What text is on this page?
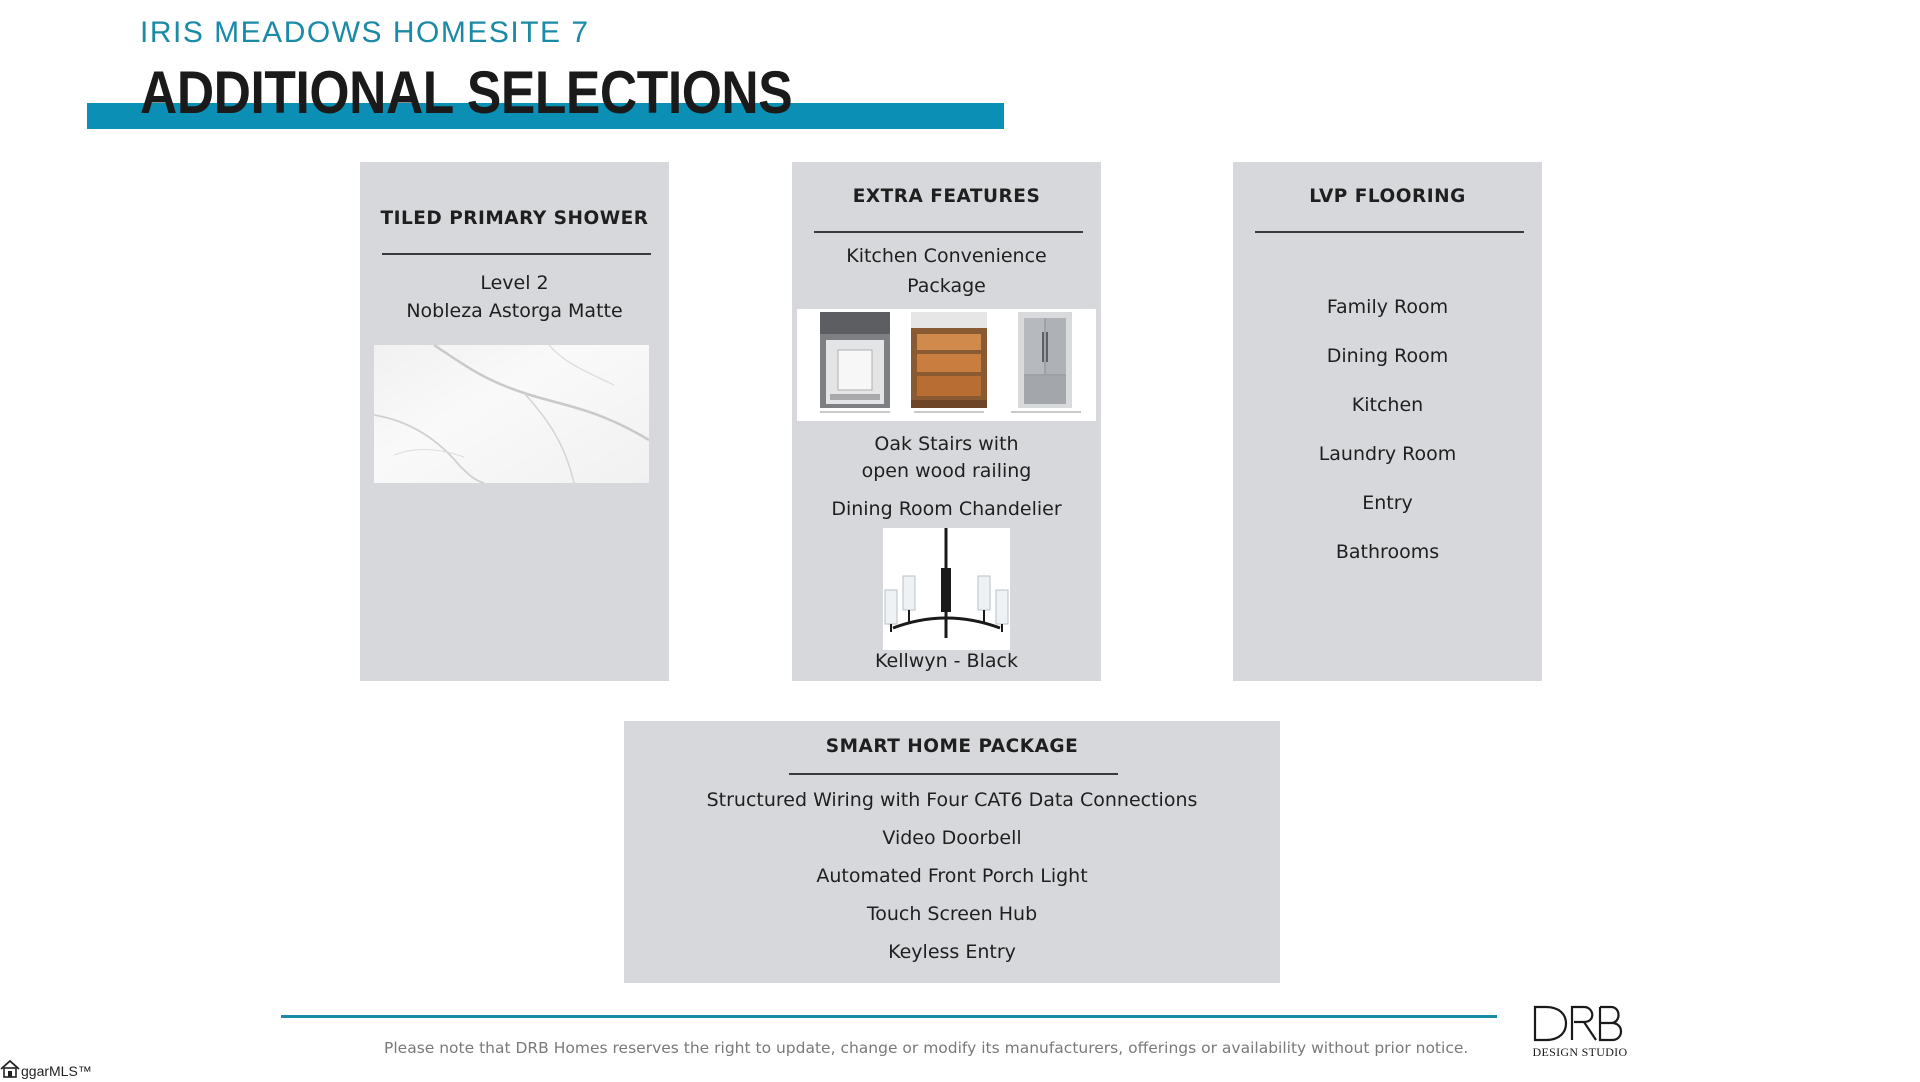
IRIS MEADOWS HOMESITE 7
ADDITIONAL SELECTIONS
TILED PRIMARY SHOWER
Level 2
Nobleza Astorga Matte
EXTRA FEATURES
Kitchen Convenience
Package
Oak Stairs with
open wood railing
Dining Room Chandelier
Kellwyn - Black
LVP FLOORING
Family Room
Dining Room
Kitchen
Laundry Room
Entry
Bathrooms
SMART HOME PACKAGE
Structured Wiring with Four CAT6 Data Connections
Video Doorbell
Automated Front Porch Light
Touch Screen Hub
Keyless Entry
Please note that DRB Homes reserves the right to update, change or modify its manufacturers, offerings or availability without prior notice.	DESIGN STUDIO
ggarMLS™
